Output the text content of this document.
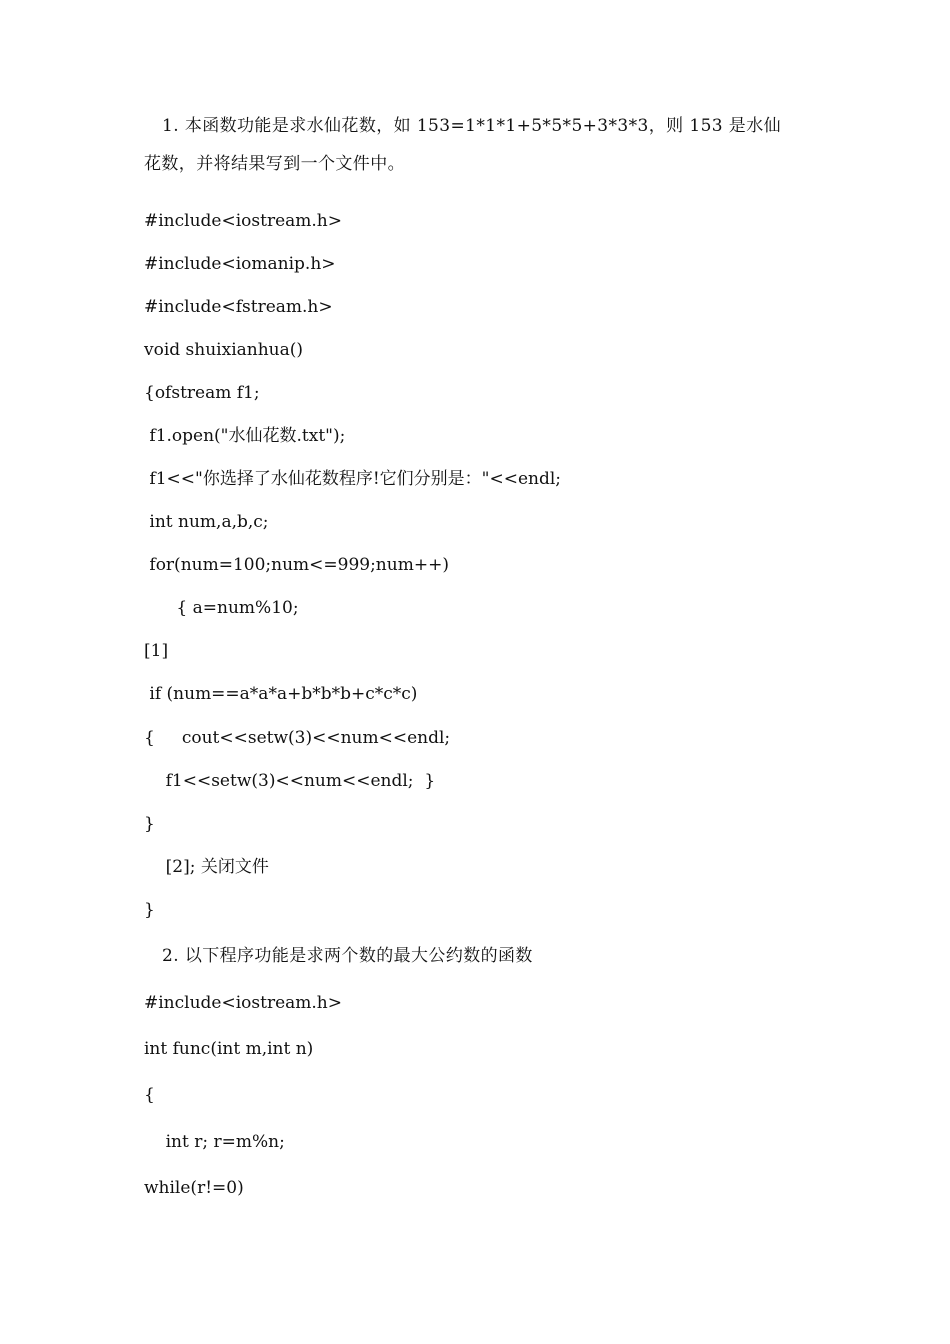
1. 本函数功能是求水仙花数，如 153=1*1*1+5*5*5+3*3*3，则 153 是水仙

花数，并将结果写到一个文件中。

#include<iostream.h>

#include<iomanip.h>

#include<fstream.h>

void shuixianhua()

{ofstream f1;

f1.open("水仙花数.txt");

f1<<"你选择了水仙花数程序!它们分别是："<<endl;

int num,a,b,c;

for(num=100;num<=999;num++)

{ a=num%10;

[1]

if (num==a*a*a+b*b*b+c*c*c)

{     cout<<setw(3)<<num<<endl;

f1<<setw(3)<<num<<endl;  }

}

[2]; 关闭文件

}

2. 以下程序功能是求两个数的最大公约数的函数

#include<iostream.h>

int func(int m,int n)

{

int r; r=m%n;

while(r!=0)
